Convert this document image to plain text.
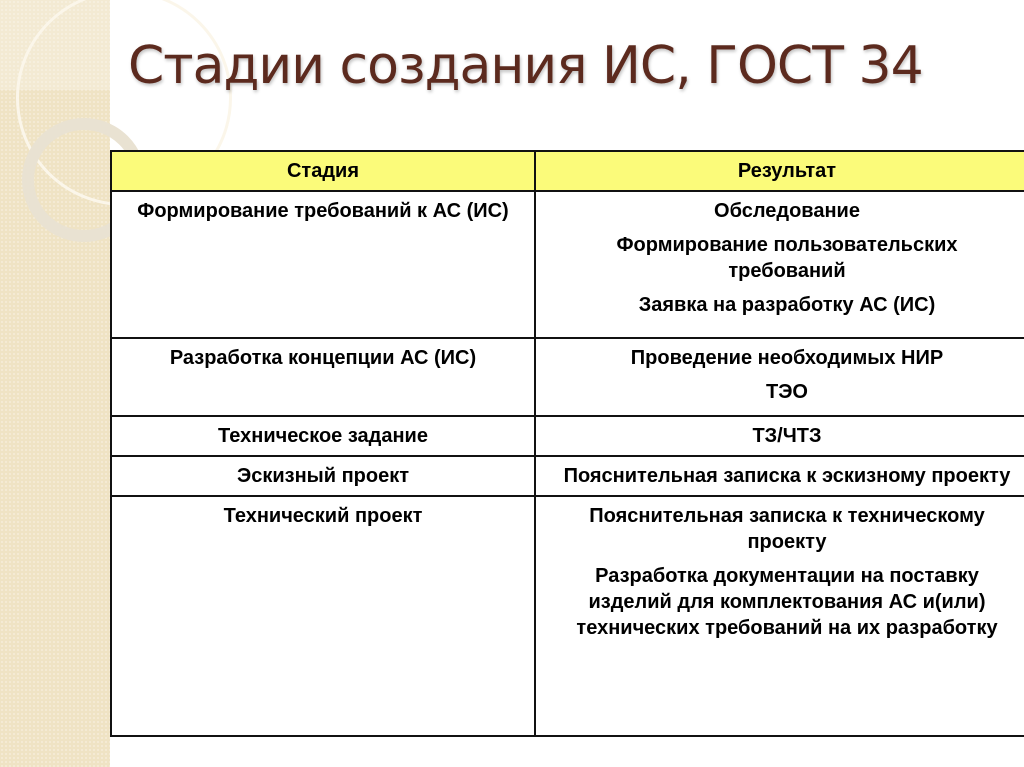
Стадии создания ИС, ГОСТ 34
Стадия	Результат
Формирование требований к АС (ИС)	Обследование

Формирование пользовательских требований

Заявка на разработку АС (ИС)

Разработка концепции АС (ИС)	Проведение необходимых НИР

ТЭО

Техническое задание	ТЗ/ЧТЗ

Эскизный проект	Пояснительная записка к эскизному проекту

Технический проект	Пояснительная записка к техническому проекту

Разработка документации на поставку изделий для комплектования АС и(или) технических требований на их разработку
